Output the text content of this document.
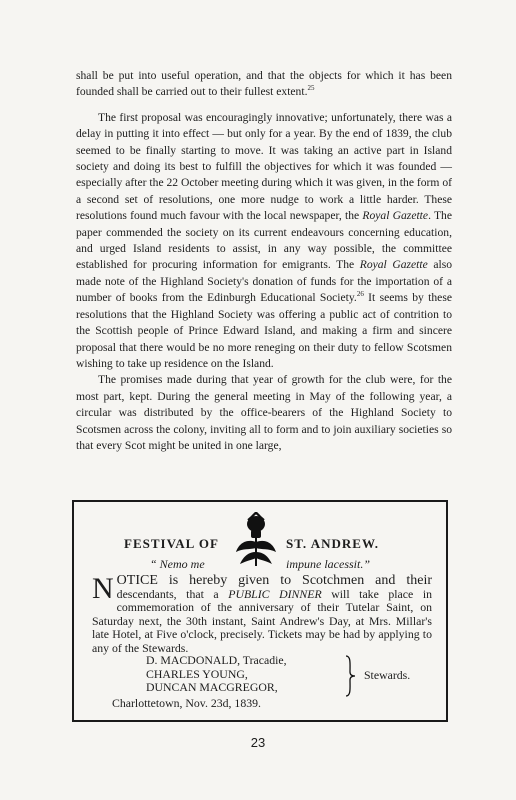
shall be put into useful operation, and that the objects for which it has been founded shall be carried out to their fullest extent.$^{25}$

The first proposal was encouragingly innovative; unfortunately, there was a delay in putting it into effect — but only for a year. By the end of 1839, the club seemed to be finally starting to move. It was taking an active part in Island society and doing its best to fulfill the objectives for which it was founded — especially after the 22 October meeting during which it was given, in the form of a second set of resolutions, one more nudge to work a little harder. These resolutions found much favour with the local newspaper, the Royal Gazette. The paper commended the society on its current endeavours concerning education, and urged Island residents to assist, in any way possible, the committee established for procuring information for emigrants. The Royal Gazette also made note of the Highland Society's donation of funds for the importation of a number of books from the Edinburgh Educational Society.$^{26}$ It seems by these resolutions that the Highland Society was offering a public act of contrition to the Scottish people of Prince Edward Island, and making a firm and sincere proposal that there would be no more reneging on their duty to fellow Scotsmen wishing to take up residence on the Island.

The promises made during that year of growth for the club were, for the most part, kept. During the general meeting in May of the following year, a circular was distributed by the office-bearers of the Highland Society to Scotsmen across the colony, inviting all to form and to join auxiliary societies so that every Scot might be united in one large,

FESTIVAL OF	ST. ANDREW.
“ Nemo me	impune lacessit.”
NOTICE is hereby given to Scotchmen and their descendants, that a PUBLIC DINNER will take place in commemoration of the anniversary of their Tutelar Saint, on Saturday next, the 30th instant, Saint Andrew's Day, at Mrs. Millar's late Hotel, at Five o'clock, precisely. Tickets may be had by applying to any of the Stewards.
D. MACDONALD, Tracadie,
CHARLES YOUNG,
DUNCAN MACGREGOR,
Stewards.
Charlottetown, Nov. 23d, 1839.
23
